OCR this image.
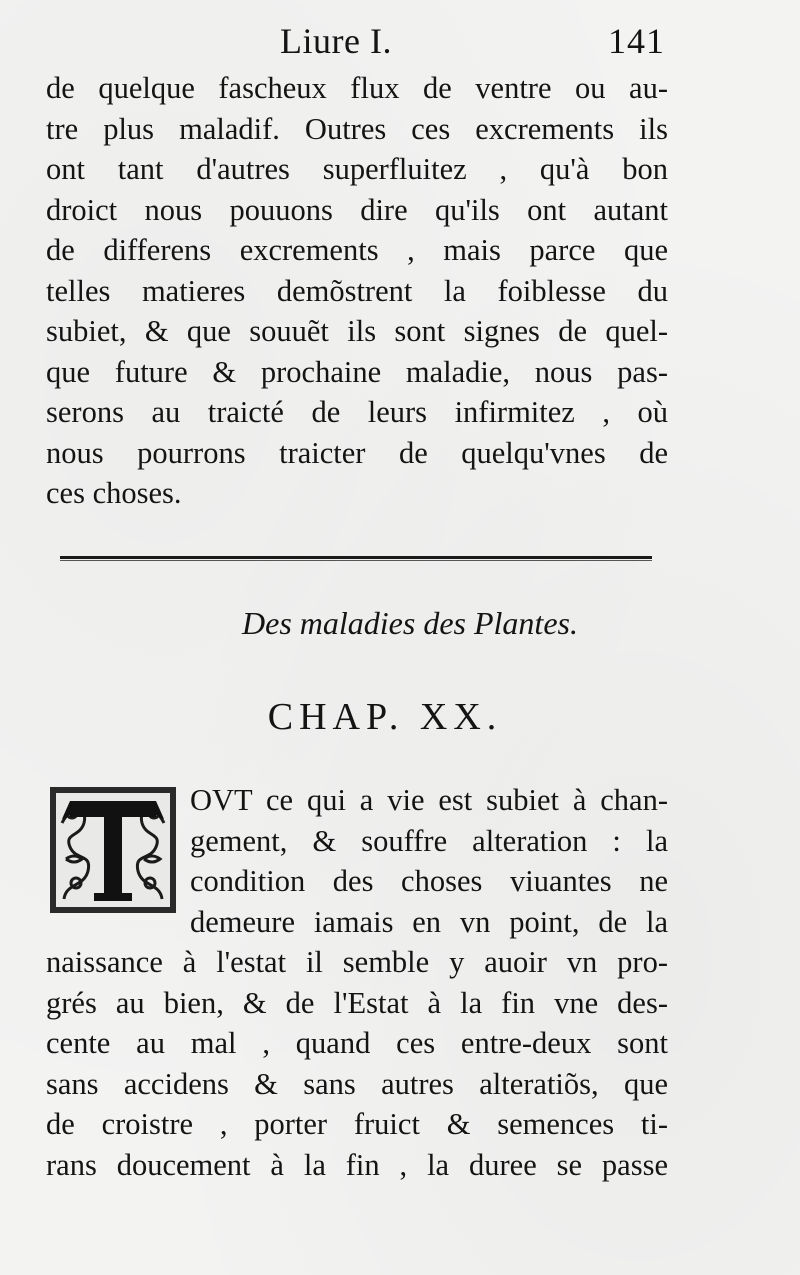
Liure I.	141
de quelque fascheux flux de ventre ou au-
tre plus maladif. Outres ces excrements ils
ont tant d'autres superfluitez , qu'à bon
droict nous pouuons dire qu'ils ont autant
de differens excrements , mais parce que
telles matieres demõstrent la foiblesse du
subiet, & que souuẽt ils sont signes de quel-
que future & prochaine maladie, nous pas-
serons au traicté de leurs infirmitez , où
nous pourrons traicter de quelqu'vnes de
ces choses.
Des maladies des Plantes.
CHAP. XX.
OVT ce qui a vie est subiet à chan-
gement, & souffre alteration : la
condition des choses viuantes ne
demeure iamais en vn point, de la
naissance à l'estat il semble y auoir vn pro-
grés au bien, & de l'Estat à la fin vne des-
cente au mal , quand ces entre-deux sont
sans accidens & sans autres alteratiõs, que
de croistre , porter fruict & semences ti-
rans doucement à la fin , la duree se passe
